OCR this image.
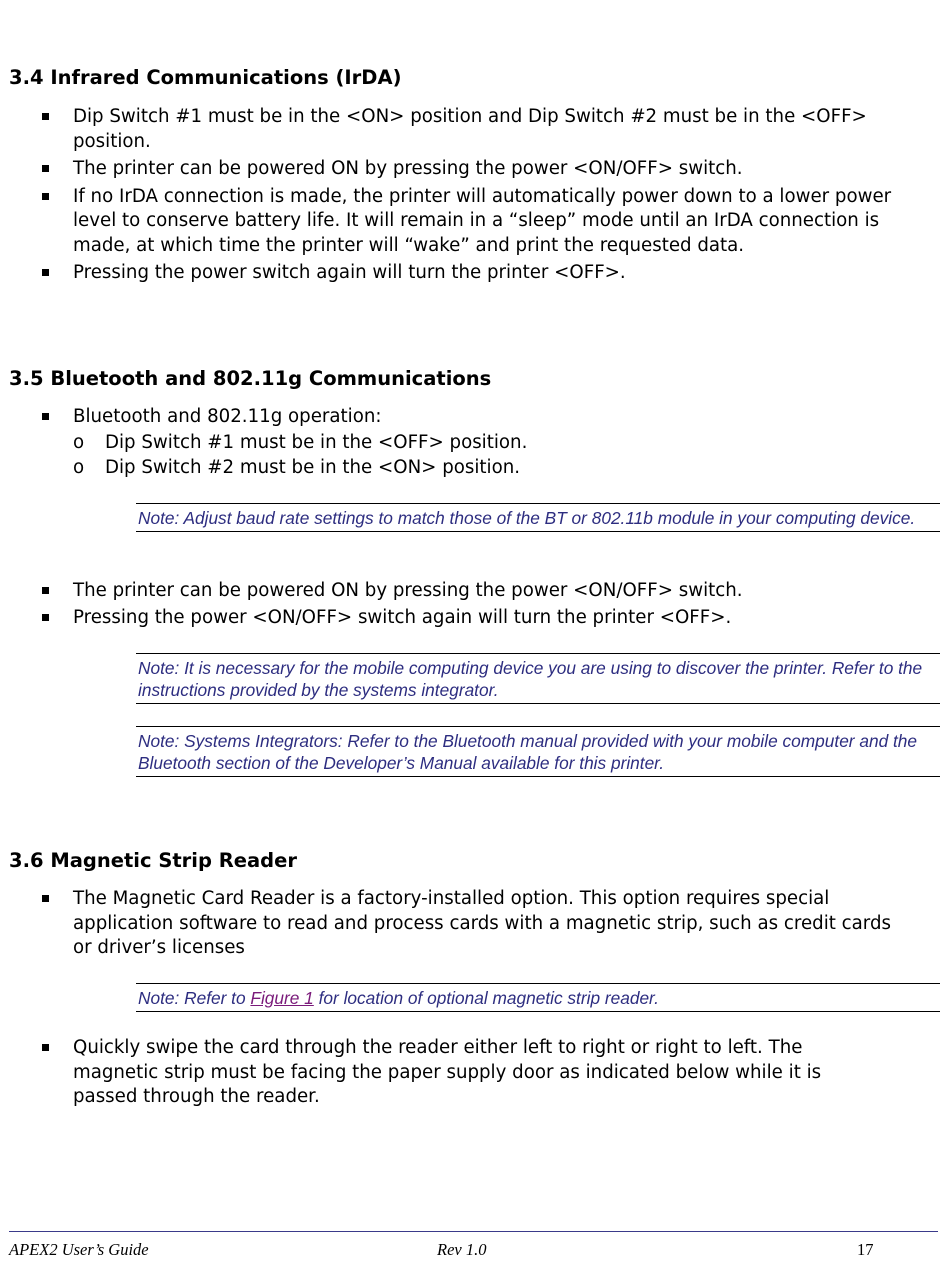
3.4 Infrared Communications (IrDA)
Dip Switch #1 must be in the <ON> position and Dip Switch #2 must be in the <OFF> position.
The printer can be powered ON by pressing the power <ON/OFF> switch.
If no IrDA connection is made, the printer will automatically power down to a lower power level to conserve battery life. It will remain in a “sleep” mode until an IrDA connection is made, at which time the printer will “wake” and print the requested data.
Pressing the power switch again will turn the printer <OFF>.
3.5 Bluetooth and 802.11g Communications
Bluetooth and 802.11g operation:
o Dip Switch #1 must be in the <OFF> position.
o Dip Switch #2 must be in the <ON> position.
Note: Adjust baud rate settings to match those of the BT or 802.11b module in your computing device.
The printer can be powered ON by pressing the power <ON/OFF> switch.
Pressing the power <ON/OFF> switch again will turn the printer <OFF>.
Note: It is necessary for the mobile computing device you are using to discover the printer. Refer to the instructions provided by the systems integrator.
Note: Systems Integrators: Refer to the Bluetooth manual provided with your mobile computer and the Bluetooth section of the Developer’s Manual available for this printer.
3.6 Magnetic Strip Reader
The Magnetic Card Reader is a factory-installed option. This option requires special application software to read and process cards with a magnetic strip, such as credit cards or driver’s licenses
Note: Refer to Figure 1 for location of optional magnetic strip reader.
Quickly swipe the card through the reader either left to right or right to left. The magnetic strip must be facing the paper supply door as indicated below while it is passed through the reader.
APEX2 User’s Guide	Rev 1.0	17
